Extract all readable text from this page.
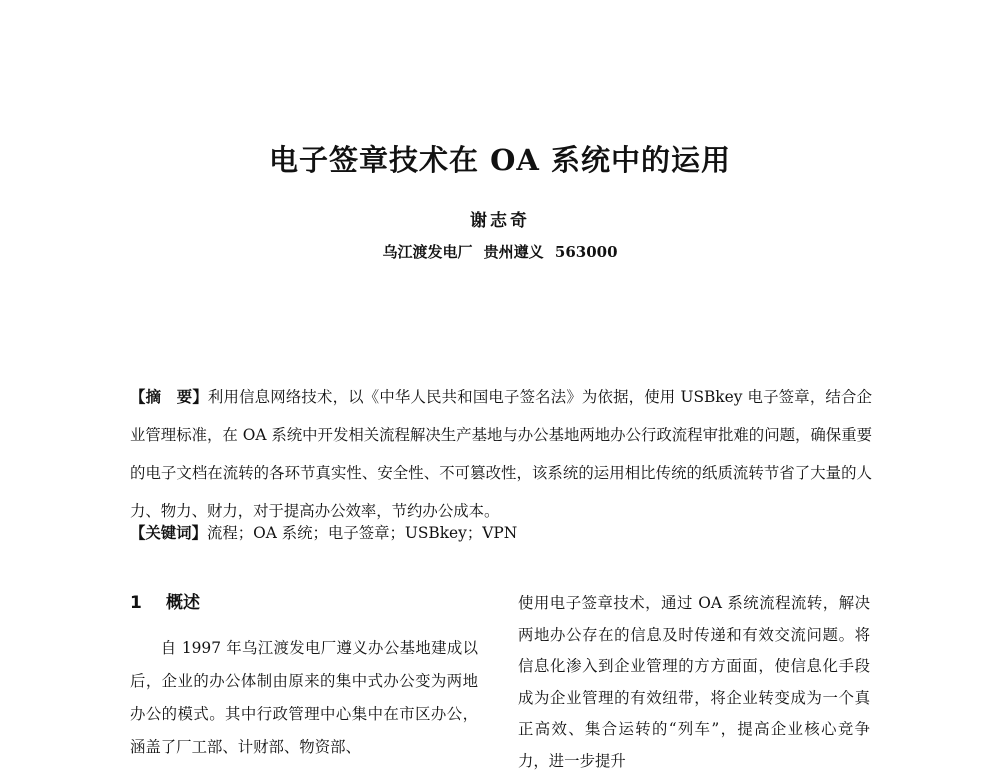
电子签章技术在 OA 系统中的运用
谢志奇
乌江渡发电厂 贵州遵义 563000
【摘　要】利用信息网络技术，以《中华人民共和国电子签名法》为依据，使用 USBkey 电子签章，结合企业管理标准，在 OA 系统中开发相关流程解决生产基地与办公基地两地办公行政流程审批难的问题，确保重要的电子文档在流转的各环节真实性、安全性、不可篡改性，该系统的运用相比传统的纸质流转节省了大量的人力、物力、财力，对于提高办公效率，节约办公成本。
【关键词】流程；OA 系统；电子签章；USBkey；VPN
1 概述

自 1997 年乌江渡发电厂遵义办公基地建成以后，企业的办公体制由原来的集中式办公变为两地办公的模式。其中行政管理中心集中在市区办公，涵盖了厂工部、计财部、物资部、

使用电子签章技术，通过 OA 系统流程流转，解决两地办公存在的信息及时传递和有效交流问题。将信息化渗入到企业管理的方方面面，使信息化手段成为企业管理的有效纽带，将企业转变成为一个真正高效、集合运转的“列车”，提高企业核心竞争力，进一步提升
